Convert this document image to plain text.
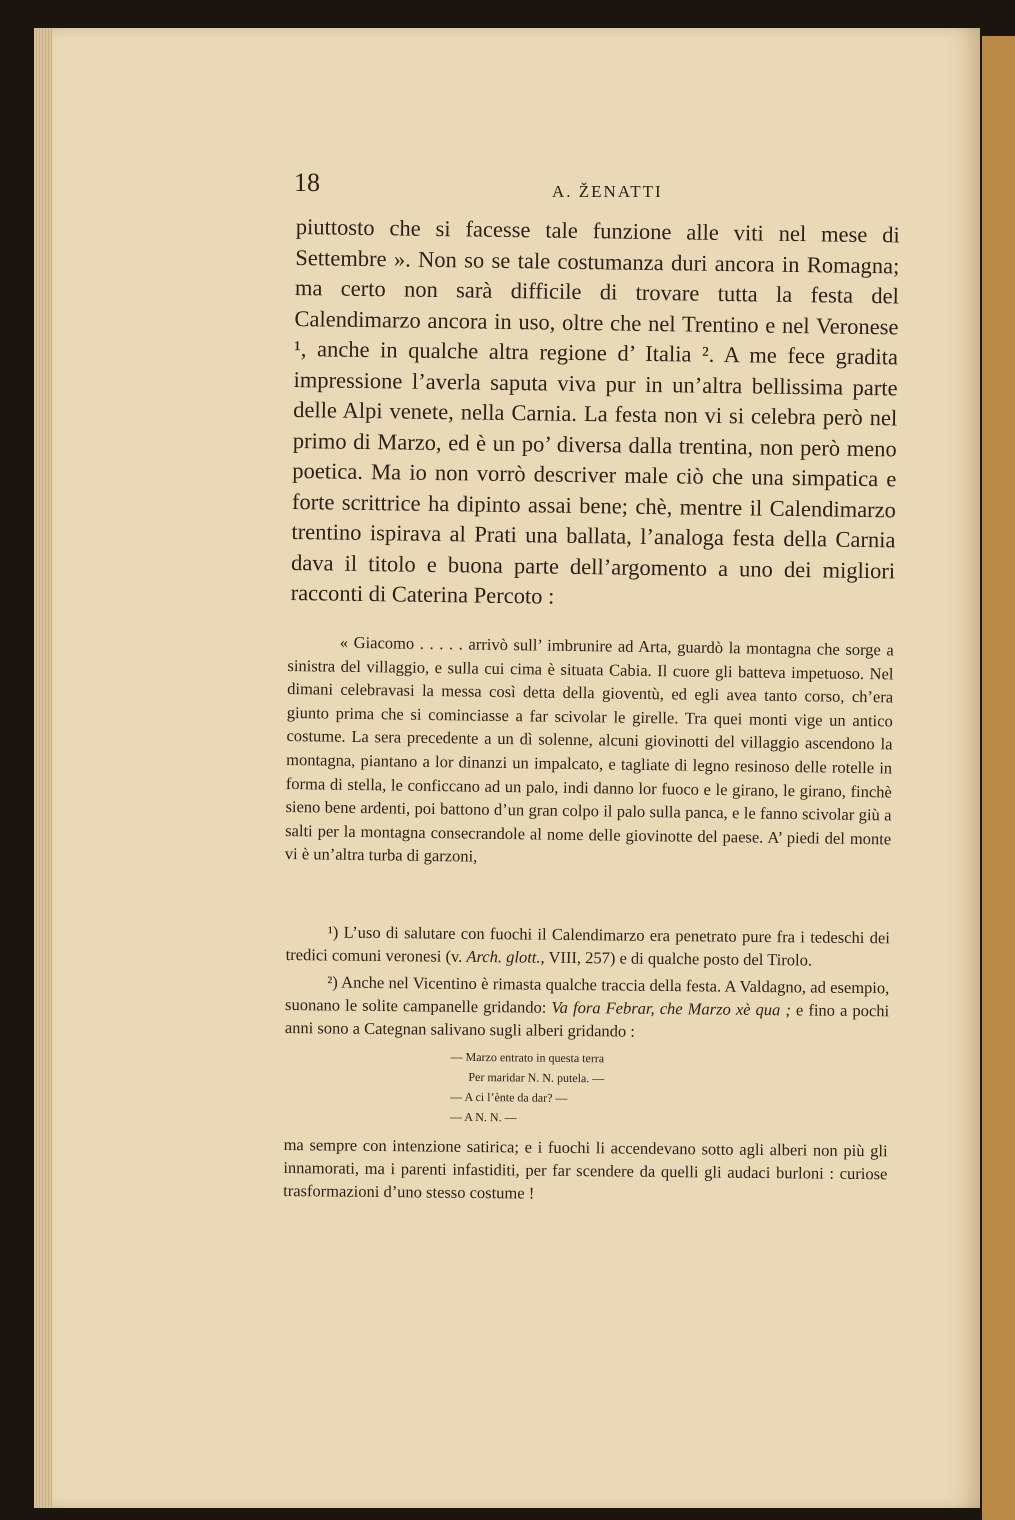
18	A. ŽENATTI

piuttosto che si facesse tale funzione alle viti nel mese di Settembre ». Non so se tale costumanza duri ancora in Romagna; ma certo non sarà difficile di trovare tutta la festa del Calendimarzo ancora in uso, oltre che nel Trentino e nel Veronese ¹, anche in qualche altra regione d’ Italia ². A me fece gradita impressione l’averla saputa viva pur in un’altra bellissima parte delle Alpi venete, nella Carnia. La festa non vi si celebra però nel primo di Marzo, ed è un po’ diversa dalla trentina, non però meno poetica. Ma io non vorrò descriver male ciò che una simpatica e forte scrittrice ha dipinto assai bene; chè, mentre il Calendimarzo trentino ispirava al Prati una ballata, l’analoga festa della Carnia dava il titolo e buona parte dell’argomento a uno dei migliori racconti di Caterina Percoto :

« Giacomo . . . . . arrivò sull’ imbrunire ad Arta, guardò la montagna che sorge a sinistra del villaggio, e sulla cui cima è situata Cabia. Il cuore gli batteva impetuoso. Nel dimani celebravasi la messa così detta della gioventù, ed egli avea tanto corso, ch’era giunto prima che si cominciasse a far scivolar le girelle. Tra quei monti vige un antico costume. La sera precedente a un dì solenne, alcuni giovinotti del villaggio ascendono la montagna, piantano a lor dinanzi un impalcato, e tagliate di legno resinoso delle rotelle in forma di stella, le conficcano ad un palo, indi danno lor fuoco e le girano, le girano, finchè sieno bene ardenti, poi battono d’un gran colpo il palo sulla panca, e le fanno scivolar giù a salti per la montagna consecrandole al nome delle giovinotte del paese. A’ piedi del monte vi è un’altra turba di garzoni,

¹) L’uso di salutare con fuochi il Calendimarzo era penetrato pure fra i tedeschi dei tredici comuni veronesi (v. Arch. glott., VIII, 257) e di qualche posto del Tirolo.

²) Anche nel Vicentino è rimasta qualche traccia della festa. A Valdagno, ad esempio, suonano le solite campanelle gridando: Va fora Febrar, che Marzo xè qua ; e fino a pochi anni sono a Categnan salivano sugli alberi gridando :

— Marzo entrato in questa terra
Per maridar N. N. putela. —
— A ci l’ènte da dar? —
— A N. N. —

ma sempre con intenzione satirica; e i fuochi li accendevano sotto agli alberi non più gli innamorati, ma i parenti infastiditi, per far scendere da quelli gli audaci burloni : curiose trasformazioni d’uno stesso costume !
